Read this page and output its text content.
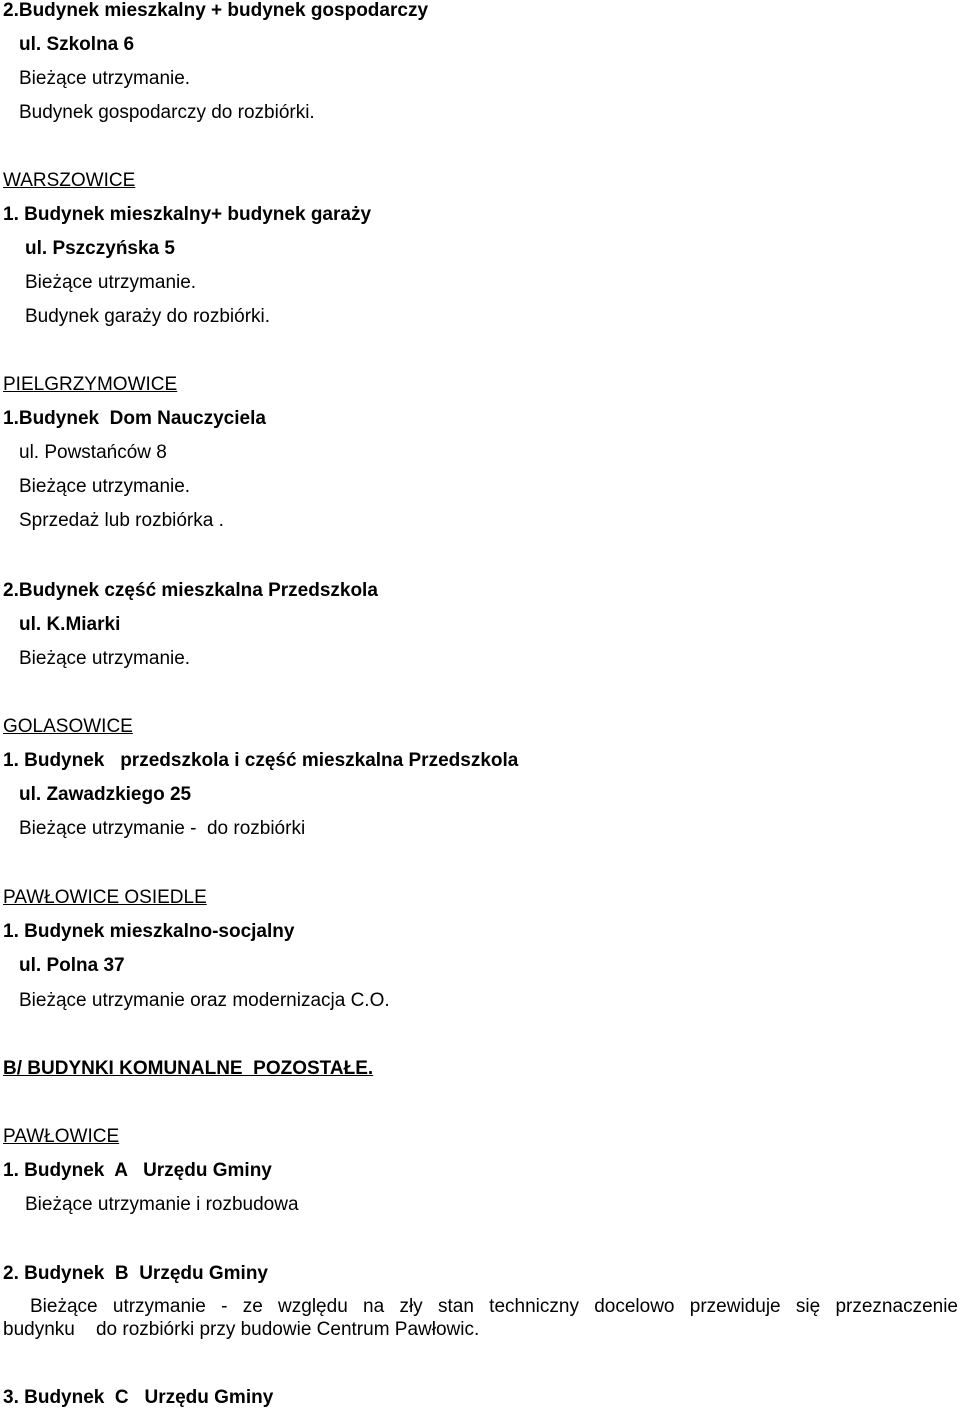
2.Budynek mieszkalny + budynek gospodarczy
ul. Szkolna 6
Bieżące utrzymanie.
Budynek gospodarczy do rozbiórki.
WARSZOWICE
1. Budynek mieszkalny+ budynek garaży
ul. Pszczyńska 5
Bieżące utrzymanie.
Budynek garaży do rozbiórki.
PIELGRZYMOWICE
1.Budynek  Dom Nauczyciela
ul. Powstańców 8
Bieżące utrzymanie.
Sprzedaż lub rozbiórka .
2.Budynek część mieszkalna Przedszkola
ul. K.Miarki
Bieżące utrzymanie.
GOLASOWICE
1. Budynek   przedszkola i część mieszkalna Przedszkola
ul. Zawadzkiego 25
Bieżące utrzymanie -  do rozbiórki
PAWŁOWICE OSIEDLE
1. Budynek mieszkalno-socjalny
ul. Polna 37
Bieżące utrzymanie oraz modernizacja C.O.
B/ BUDYNKI KOMUNALNE  POZOSTAŁE.
PAWŁOWICE
1. Budynek  A   Urzędu Gminy
Bieżące utrzymanie i rozbudowa
2. Budynek  B  Urzędu Gminy
Bieżące utrzymanie - ze względu na zły stan techniczny docelowo przewiduje się przeznaczenie
budynku    do rozbiórki przy budowie Centrum Pawłowic.
3. Budynek  C   Urzędu Gminy
